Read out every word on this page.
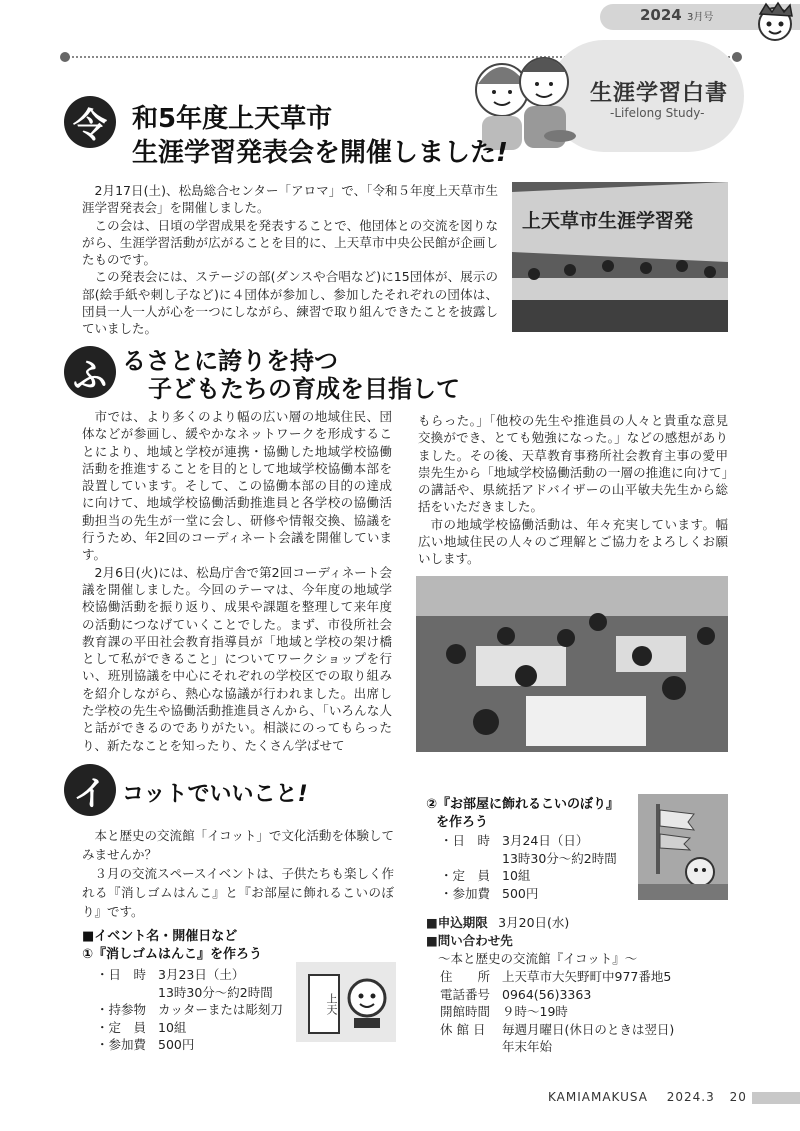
2024 3月号
生涯学習白書
-Lifelong Study-
令 和5年度上天草市
生涯学習発表会を開催しました!

2月17日(土)、松島総合センター「アロマ」で、「令和５年度上天草市生涯学習発表会」を開催しました。

この会は、日頃の学習成果を発表することで、他団体との交流を図りながら、生涯学習活動が広がることを目的に、上天草市中央公民館が企画したものです。

この発表会には、ステージの部(ダンスや合唱など)に15団体が、展示の部(絵手紙や刺し子など)に４団体が参加し、参加したそれぞれの団体は、団員一人一人が心を一つにしながら、練習で取り組んできたことを披露していました。

上天草市生涯学習発
ふ るさとに誇りを持つ
子どもたちの育成を目指して

市では、より多くのより幅の広い層の地域住民、団体などが参画し、緩やかなネットワークを形成することにより、地域と学校が連携・協働した地域学校協働活動を推進することを目的として地域学校協働本部を設置しています。そして、この協働本部の目的の達成に向けて、地域学校協働活動推進員と各学校の協働活動担当の先生が一堂に会し、研修や情報交換、協議を行うため、年2回のコーディネート会議を開催しています。

2月6日(火)には、松島庁舎で第2回コーディネート会議を開催しました。今回のテーマは、今年度の地域学校協働活動を振り返り、成果や課題を整理して来年度の活動につなげていくことでした。まず、市役所社会教育課の平田社会教育指導員が「地域と学校の架け橋として私ができること」についてワークショップを行い、班別協議を中心にそれぞれの学校区での取り組みを紹介しながら、熱心な協議が行われました。出席した学校の先生や協働活動推進員さんから、「いろんな人と話ができるのでありがたい。相談にのってもらったり、新たなことを知ったり、たくさん学ばせて

もらった。」「他校の先生や推進員の人々と貴重な意見交換ができ、とても勉強になった。」などの感想がありました。その後、天草教育事務所社会教育主事の愛甲崇先生から「地域学校協働活動の一層の推進に向けて」の講話や、県統括アドバイザーの山平敏夫先生から総括をいただきました。

市の地域学校協働活動は、年々充実しています。幅広い地域住民の人々のご理解とご協力をよろしくお願いします。

イ コットでいいこと!

本と歴史の交流館「イコット」で文化活動を体験してみませんか？

３月の交流スペースイベントは、子供たちも楽しく作れる『消しゴムはんこ』と『お部屋に飾れるこいのぼり』です。

■イベント名・開催日など
①『消しゴムはんこ』を作ろう
・日　時 3月23日（土）
13時30分～約2時間
・持参物 カッターまたは彫刻刀
・定　員 10組
・参加費 500円
上天
②『お部屋に飾れるこいのぼり』
を作ろう
・日　時 3月24日（日）
13時30分～約2時間
・定　員 10組
・参加費 500円
■申込期限 3月20日(水)
■問い合わせ先
～本と歴史の交流館『イコット』～
住　　所 上天草市大矢野町中977番地5
電話番号 0964(56)3363
開館時間 ９時～19時
休 館 日	毎週月曜日(休日のときは翌日)
年末年始
KAMIAMAKUSA 2024.3 20
